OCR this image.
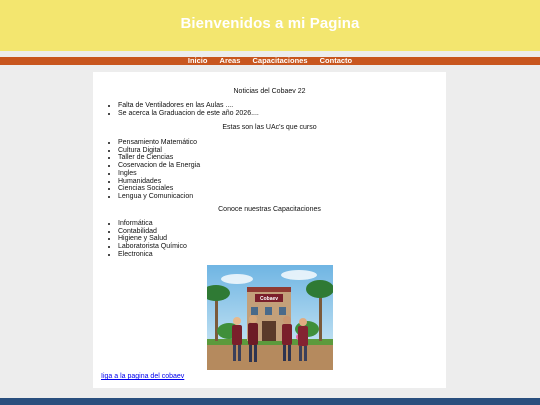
Bienvenidos a mi Pagina
Inicio Areas Capacitaciones Contacto
Noticias del Cobaev 22
• Falta de Ventiladores en las Aulas ....
• Se acerca la Graduacion de este año 2026....
Estas son las UAc's que curso
• Pensamiento Matemático
• Cultura Digital
• Taller de Ciencias
• Coservacion de la Energia
• Ingles
• Humanidades
• Ciencias Sociales
• Lengua y Comunicacion
Conoce nuestras Capacitaciones
• Informática
• Contabilidad
• Higiene y Salud
• Laboratorista Químico
• Electronica
Cobaev
Iiga a la pagina del cobaev
